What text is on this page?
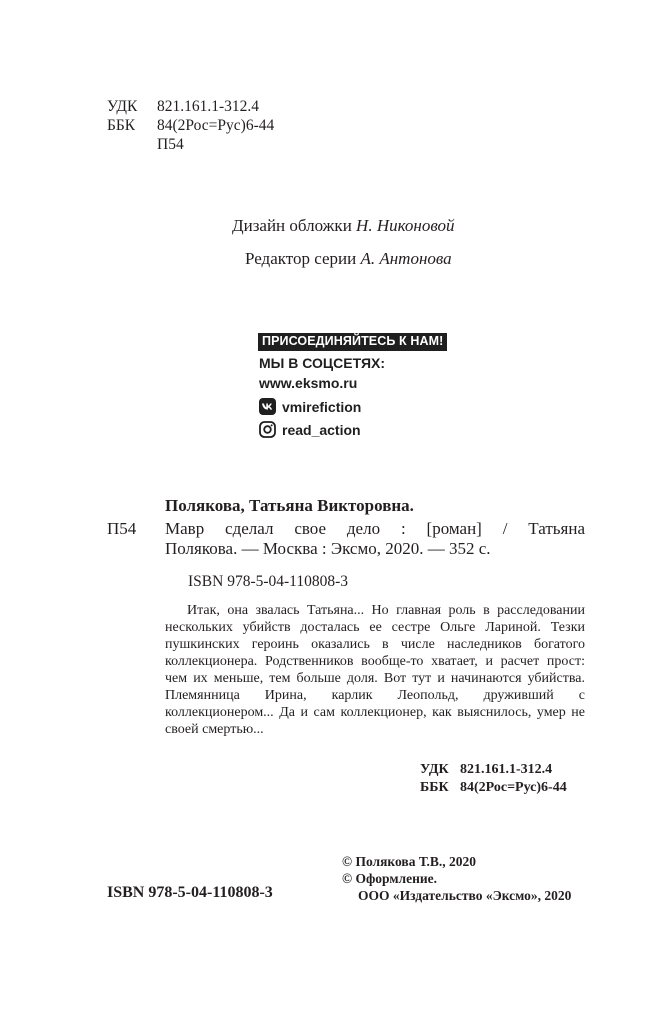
УДК 821.161.1-312.4
ББК 84(2Рос=Рус)6-44
П54
Дизайн обложки Н. Никоновой
Редактор серии А. Антонова
ПРИСОЕДИНЯЙТЕСЬ К НАМ!
МЫ В СОЦСЕТЯХ:
www.eksmo.ru
vmirefiction
read_action
Полякова, Татьяна Викторовна.
П54 Мавр сделал свое дело : [роман] / Татьяна
Полякова. — Москва : Эксмо, 2020. — 352 с.
ISBN 978-5-04-110808-3
Итак, она звалась Татьяна... Но главная роль в расследовании нескольких убийств досталась ее сестре Ольге Лариной. Тезки пушкинских героинь оказались в числе наследников богатого коллекционера. Родственников вообще-то хватает, и расчет прост: чем их меньше, тем больше доля. Вот тут и начинаются убийства. Племянница Ирина, карлик Леопольд, друживший с коллекционером... Да и сам коллекционер, как выяснилось, умер не своей смертью...
УДК 821.161.1-312.4
ББК 84(2Рос=Рус)6-44
© Полякова Т.В., 2020
© Оформление.
ООО «Издательство «Эксмо», 2020
ISBN 978-5-04-110808-3
